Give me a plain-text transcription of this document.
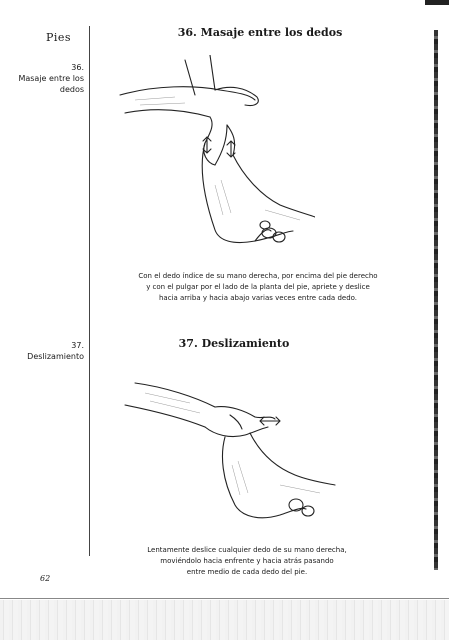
Pies
36.
Masaje entre los
dedos
36. Masaje entre los dedos
Con el dedo índice de su mano derecha, por encima del pie derecho
y con el pulgar por el lado de la planta del pie, apriete y deslice
hacia arriba y hacia abajo varias veces entre cada dedo.
37.
Deslizamiento
37. Deslizamiento
Lentamente deslice cualquier dedo de su mano derecha,
moviéndolo hacia enfrente y hacia atrás pasando
entre medio de cada dedo del pie.
62
